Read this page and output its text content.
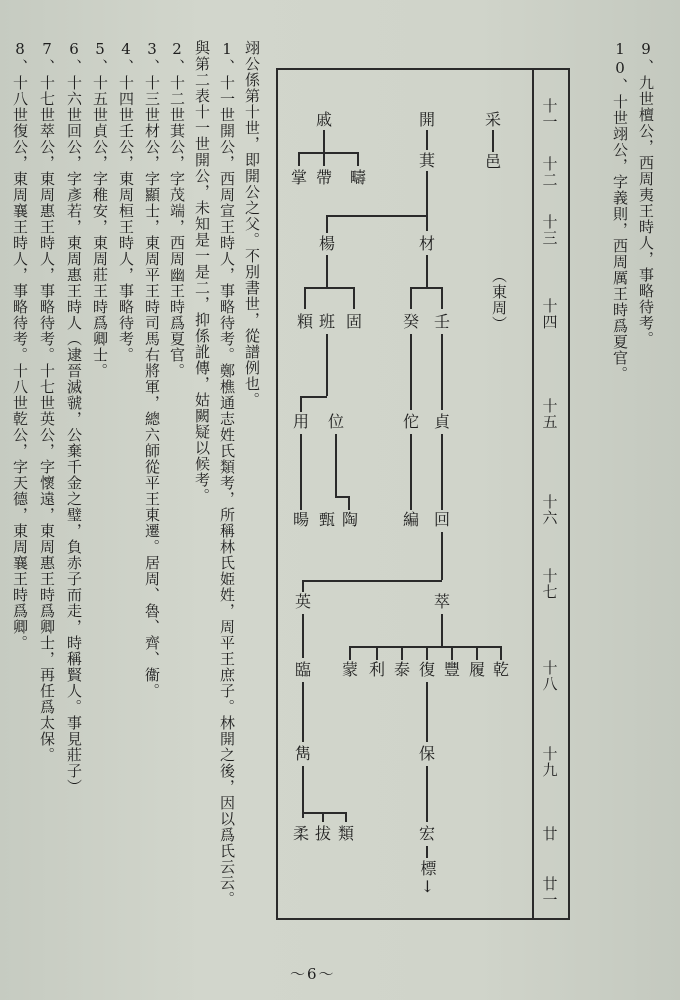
9、九世檀公，西周夷王時人，事略待考。
10、十世翊公，字義則，西周厲王時爲夏官。
十一
十二
十三
十四
十五
十六
十七
十八
十九
廿
廿一
（東周）
采
邑
開
萁
戚
掌 帶 疇
楊	材
頪 班 固	癸 壬
用 位	佗 貞
暘 甄 陶	編 回
英	萃
蒙 利 泰 復 豐 履 乾
臨
雋	保
柔 拔 類	宏
標↓
翊公係第十世，即開公之父。不別書世，從譜例也。
1、十一世開公，西周宣王時人，事略待考。鄭樵通志姓氏類考，所稱林氏姫姓，周平王庶子。林開之後，因以爲氏云云。
與第二表十一世開公，未知是一是二，抑係訛傳，姑闕疑以候考。
2、十二世萁公，字茂端，西周幽王時爲夏官。
3、十三世材公，字顯士，東周平王時司馬右將軍，總六師從平王東遷。居周、魯、齊、衞。
4、十四世壬公，東周桓王時人，事略待考。
5、十五世貞公，字稚安，東周莊王時爲卿士。
6、十六世回公，字彥若，東周惠王時人（逮晉滅虢，公棄千金之璧，負赤子而走，時稱賢人。事見莊子）
7、十七世萃公，東周惠王時人，事略待考。十七世英公，字懷遠，東周惠王時爲卿士，再任爲太保。
8、十八世復公，東周襄王時人，事略待考。十八世乾公，字天德，東周襄王時爲卿。
～6～
